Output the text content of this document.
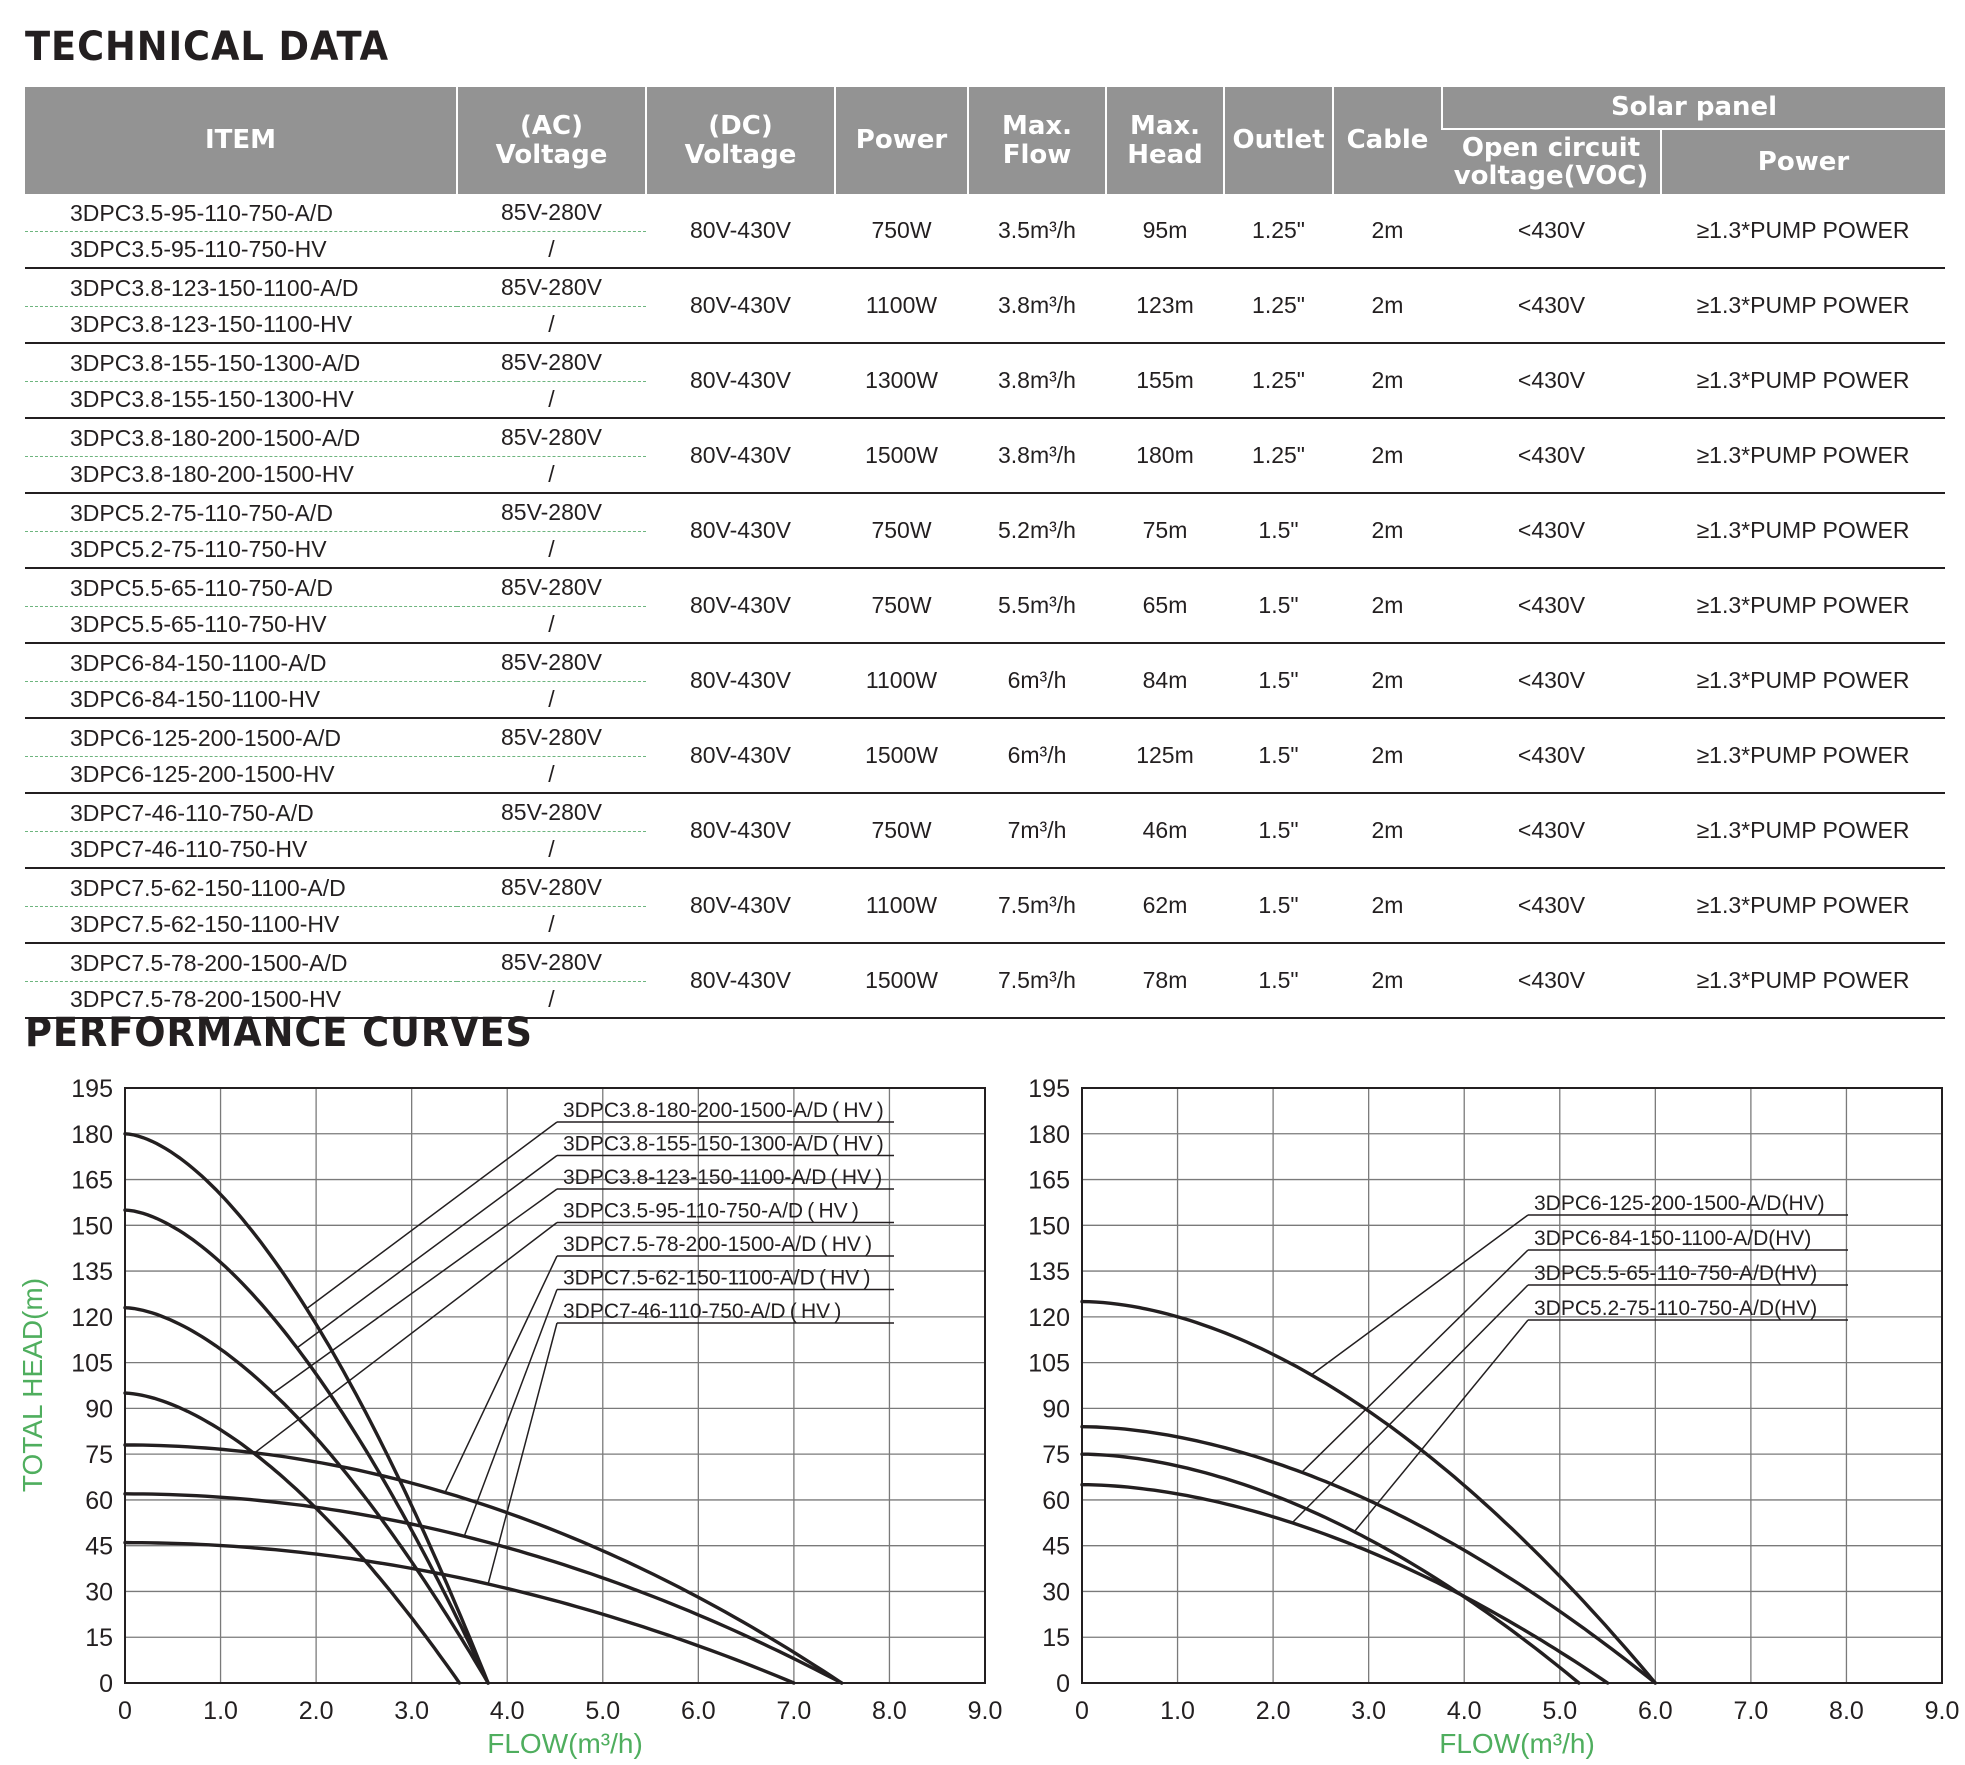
TECHNICAL DATA
ITEM	(AC) Voltage	(DC) Voltage	Power	Max. Flow	Max. Head	Outlet	Cable	Solar panel	
								Open circuit voltage(VOC)	Power
3DPC3.5-95-110-750-A/D	85V-280V	80V-430V	750W	3.5m³/h	95m	1.25"	2m	<430V	≥1.3*PUMP POWER
3DPC3.5-95-110-750-HV	/								
3DPC3.8-123-150-1100-A/D	85V-280V	80V-430V	1100W	3.8m³/h	123m	1.25"	2m	<430V	≥1.3*PUMP POWER
3DPC3.8-123-150-1100-HV	/								
3DPC3.8-155-150-1300-A/D	85V-280V	80V-430V	1300W	3.8m³/h	155m	1.25"	2m	<430V	≥1.3*PUMP POWER
3DPC3.8-155-150-1300-HV	/								
3DPC3.8-180-200-1500-A/D	85V-280V	80V-430V	1500W	3.8m³/h	180m	1.25"	2m	<430V	≥1.3*PUMP POWER
3DPC3.8-180-200-1500-HV	/								
3DPC5.2-75-110-750-A/D	85V-280V	80V-430V	750W	5.2m³/h	75m	1.5"	2m	<430V	≥1.3*PUMP POWER
3DPC5.2-75-110-750-HV	/								
3DPC5.5-65-110-750-A/D	85V-280V	80V-430V	750W	5.5m³/h	65m	1.5"	2m	<430V	≥1.3*PUMP POWER
3DPC5.5-65-110-750-HV	/								
3DPC6-84-150-1100-A/D	85V-280V	80V-430V	1100W	6m³/h	84m	1.5"	2m	<430V	≥1.3*PUMP POWER
3DPC6-84-150-1100-HV	/								
3DPC6-125-200-1500-A/D	85V-280V	80V-430V	1500W	6m³/h	125m	1.5"	2m	<430V	≥1.3*PUMP POWER
3DPC6-125-200-1500-HV	/								
3DPC7-46-110-750-A/D	85V-280V	80V-430V	750W	7m³/h	46m	1.5"	2m	<430V	≥1.3*PUMP POWER
3DPC7-46-110-750-HV	/								
3DPC7.5-62-150-1100-A/D	85V-280V	80V-430V	1100W	7.5m³/h	62m	1.5"	2m	<430V	≥1.3*PUMP POWER
3DPC7.5-62-150-1100-HV	/								
3DPC7.5-78-200-1500-A/D	85V-280V	80V-430V	1500W	7.5m³/h	78m	1.5"	2m	<430V	≥1.3*PUMP POWER
3DPC7.5-78-200-1500-HV	/								
PERFORMANCE CURVES
0	1.0 2.0 3.0 4.0 5.0 6.0 7.0 8.0 9.0
0
15
30
45
60
75
90
105
120
135
150
165
180
195
FLOW(m³/h)
TOTAL HEAD(m)
3DPC3.8-180-200-1500-A/D ( HV )
3DPC3.8-155-150-1300-A/D ( HV )
3DPC3.8-123-150-1100-A/D ( HV )
3DPC3.5-95-110-750-A/D ( HV )
3DPC7.5-78-200-1500-A/D ( HV )
3DPC7.5-62-150-1100-A/D ( HV )
3DPC7-46-110-750-A/D ( HV )
0	1.0 2.0 3.0 4.0 5.0 6.0 7.0 8.0 9.0
0
15
30
45
60
75
90
105
120
135
150
165
180
195
FLOW(m³/h)
3DPC6-125-200-1500-A/D(HV)
3DPC6-84-150-1100-A/D(HV)
3DPC5.5-65-110-750-A/D(HV)
3DPC5.2-75-110-750-A/D(HV)
